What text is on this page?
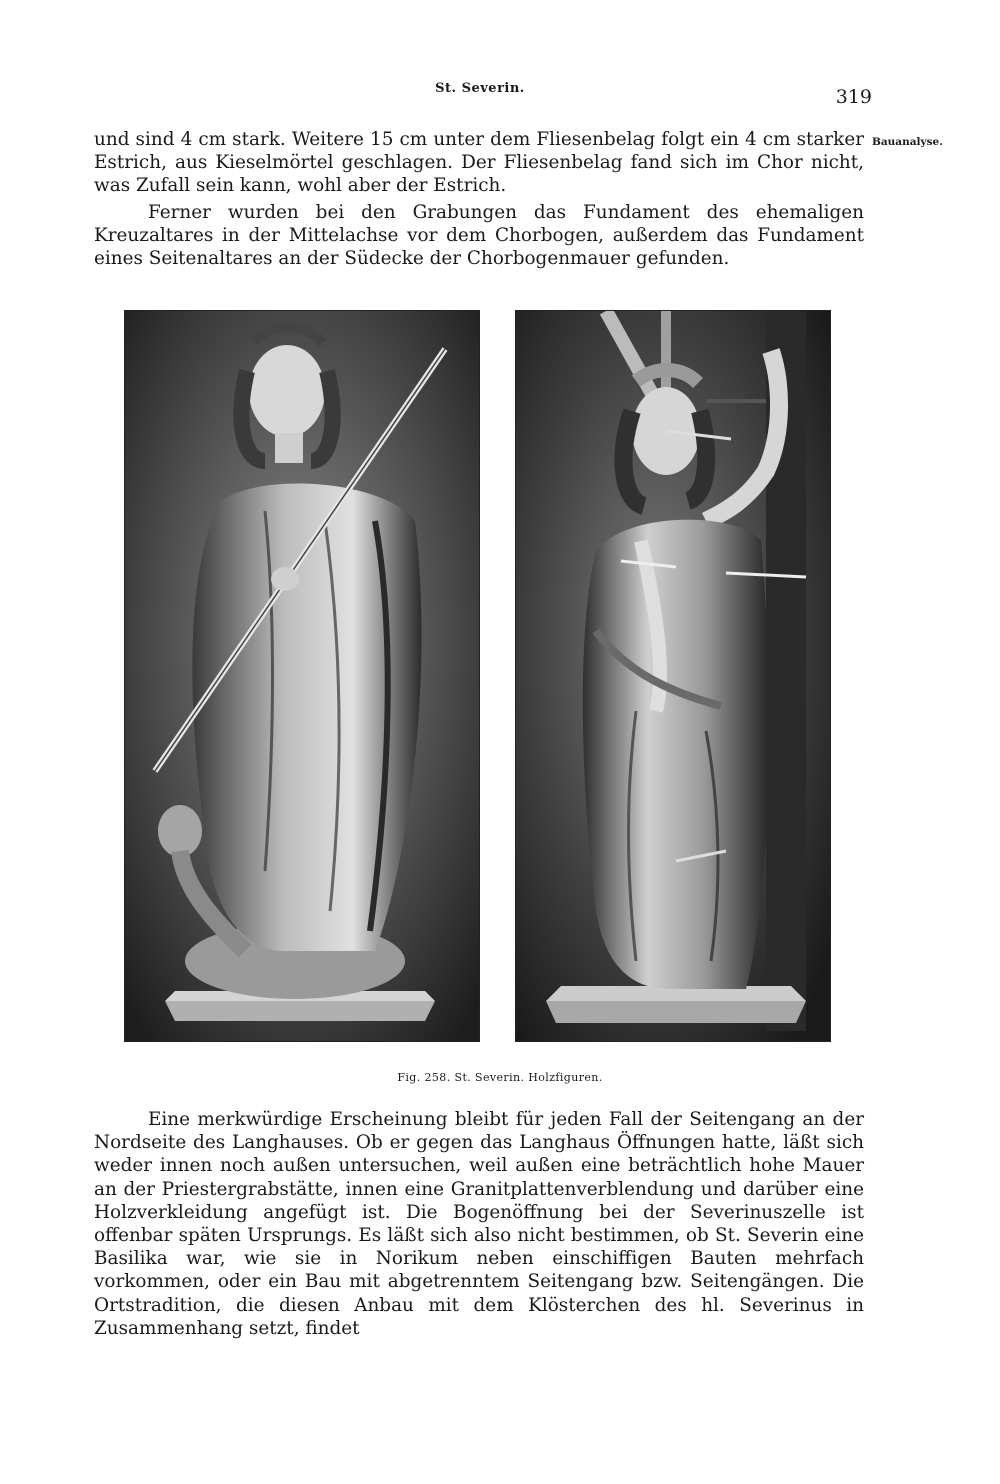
St. Severin.	319
Bauanalyse.

und sind 4 cm stark. Weitere 15 cm unter dem Fliesenbelag folgt ein 4 cm starker Estrich, aus Kieselmörtel geschlagen. Der Fliesenbelag fand sich im Chor nicht, was Zufall sein kann, wohl aber der Estrich.

Ferner wurden bei den Grabungen das Fundament des ehemaligen Kreuzaltares in der Mittelachse vor dem Chorbogen, außerdem das Fundament eines Seitenaltares an der Südecke der Chorbogenmauer gefunden.

Fig. 258. St. Severin. Holzfiguren.

Eine merkwürdige Erscheinung bleibt für jeden Fall der Seitengang an der Nordseite des Langhauses. Ob er gegen das Langhaus Öffnungen hatte, läßt sich weder innen noch außen untersuchen, weil außen eine beträchtlich hohe Mauer an der Priestergrabstätte, innen eine Granitplattenverblendung und darüber eine Holzverkleidung angefügt ist. Die Bogenöffnung bei der Severinuszelle ist offenbar späten Ursprungs. Es läßt sich also nicht bestimmen, ob St. Severin eine Basilika war, wie sie in Norikum neben einschiffigen Bauten mehrfach vorkommen, oder ein Bau mit abgetrenntem Seitengang bzw. Seitengängen. Die Ortstradition, die diesen Anbau mit dem Klösterchen des hl. Severinus in Zusammenhang setzt, findet
